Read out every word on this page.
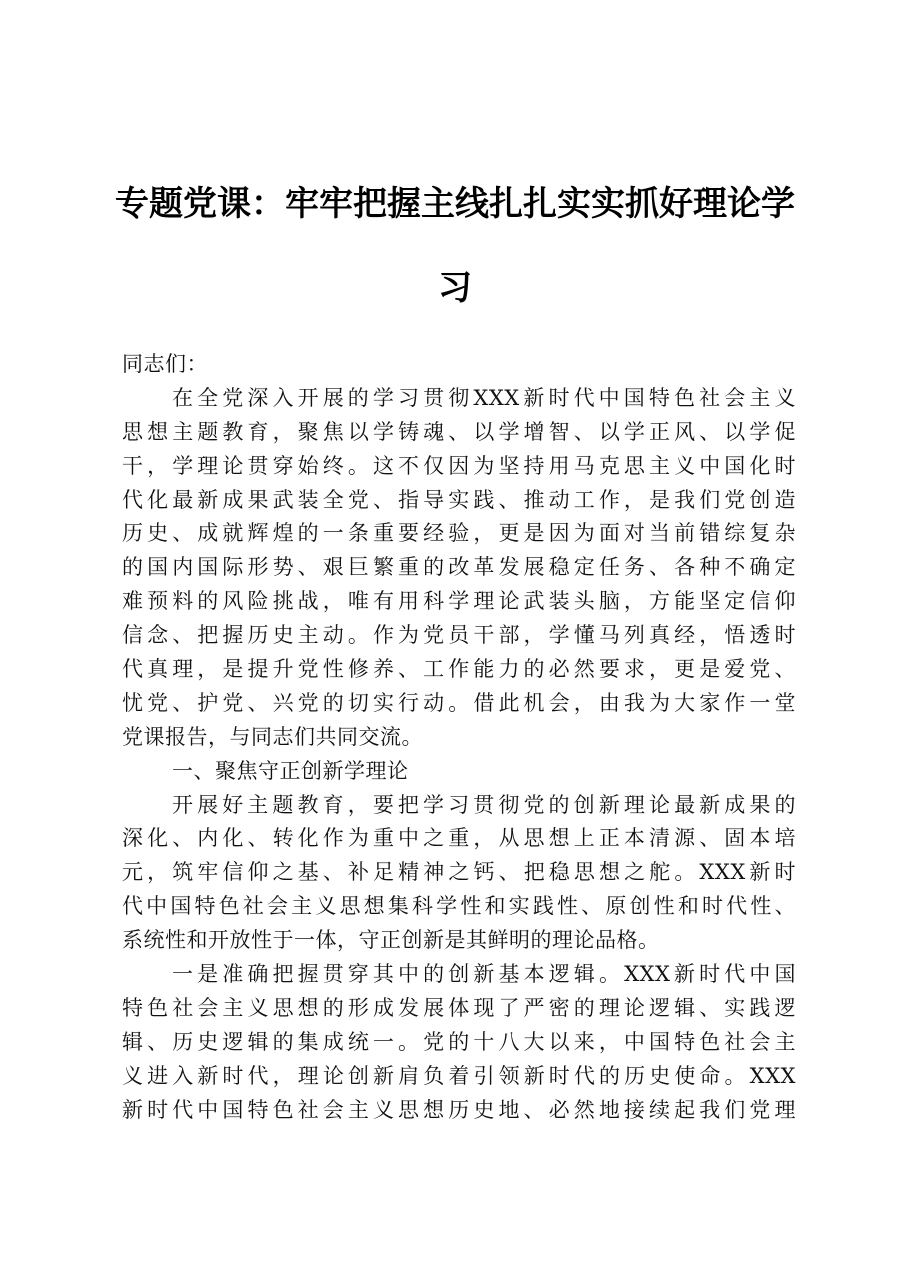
专题党课：牢牢把握主线扎扎实实抓好理论学
习
同志们：
在全党深入开展的学习贯彻XXX新时代中国特色社会主义
思想主题教育，聚焦以学铸魂、以学增智、以学正风、以学促
干，学理论贯穿始终。这不仅因为坚持用马克思主义中国化时
代化最新成果武装全党、指导实践、推动工作，是我们党创造
历史、成就辉煌的一条重要经验，更是因为面对当前错综复杂
的国内国际形势、艰巨繁重的改革发展稳定任务、各种不确定
难预料的风险挑战，唯有用科学理论武装头脑，方能坚定信仰
信念、把握历史主动。作为党员干部，学懂马列真经，悟透时
代真理，是提升党性修养、工作能力的必然要求，更是爱党、
忧党、护党、兴党的切实行动。借此机会，由我为大家作一堂
党课报告，与同志们共同交流。
一、聚焦守正创新学理论
开展好主题教育，要把学习贯彻党的创新理论最新成果的
深化、内化、转化作为重中之重，从思想上正本清源、固本培
元，筑牢信仰之基、补足精神之钙、把稳思想之舵。XXX新时
代中国特色社会主义思想集科学性和实践性、原创性和时代性、
系统性和开放性于一体，守正创新是其鲜明的理论品格。
一是准确把握贯穿其中的创新基本逻辑。XXX新时代中国
特色社会主义思想的形成发展体现了严密的理论逻辑、实践逻
辑、历史逻辑的集成统一。党的十八大以来，中国特色社会主
义进入新时代，理论创新肩负着引领新时代的历史使命。XXX
新时代中国特色社会主义思想历史地、必然地接续起我们党理
